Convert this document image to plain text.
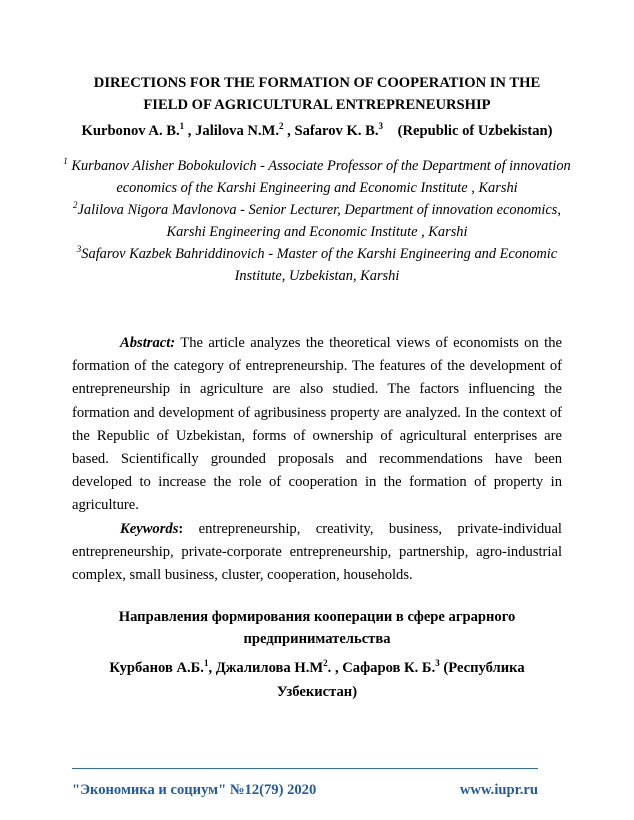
DIRECTIONS FOR THE FORMATION OF COOPERATION IN THE FIELD OF AGRICULTURAL ENTREPRENEURSHIP
Kurbonov A. B.$^1$ , Jalilova N.M.$^2$ , Safarov K. B.$^3$ (Republic of Uzbekistan)

$^1$ Kurbanov Alisher Bobokulovich - Associate Professor of the Department of innovation economics of the Karshi Engineering and Economic Institute , Karshi

$^2$Jalilova Nigora Mavlonova - Senior Lecturer, Department of innovation economics, Karshi Engineering and Economic Institute , Karshi

$^3$Safarov Kazbek Bahriddinovich - Master of the Karshi Engineering and Economic Institute, Uzbekistan, Karshi

Abstract: The article analyzes the theoretical views of economists on the formation of the category of entrepreneurship. The features of the development of entrepreneurship in agriculture are also studied. The factors influencing the formation and development of agribusiness property are analyzed. In the context of the Republic of Uzbekistan, forms of ownership of agricultural enterprises are based. Scientifically grounded proposals and recommendations have been developed to increase the role of cooperation in the formation of property in agriculture.

Keywords: entrepreneurship, creativity, business, private-individual entrepreneurship, private-corporate entrepreneurship, partnership, agro-industrial complex, small business, cluster, cooperation, households.

Направления формирования кооперации в сфере аграрного предпринимательства
Курбанов А.Б.$^1$, Джалилова $Н.М^2$. , Сафаров К. Б.$^3$ (Республика Узбекистан)
"Экономика и социум" №12(79) 2020	www.iupr.ru
